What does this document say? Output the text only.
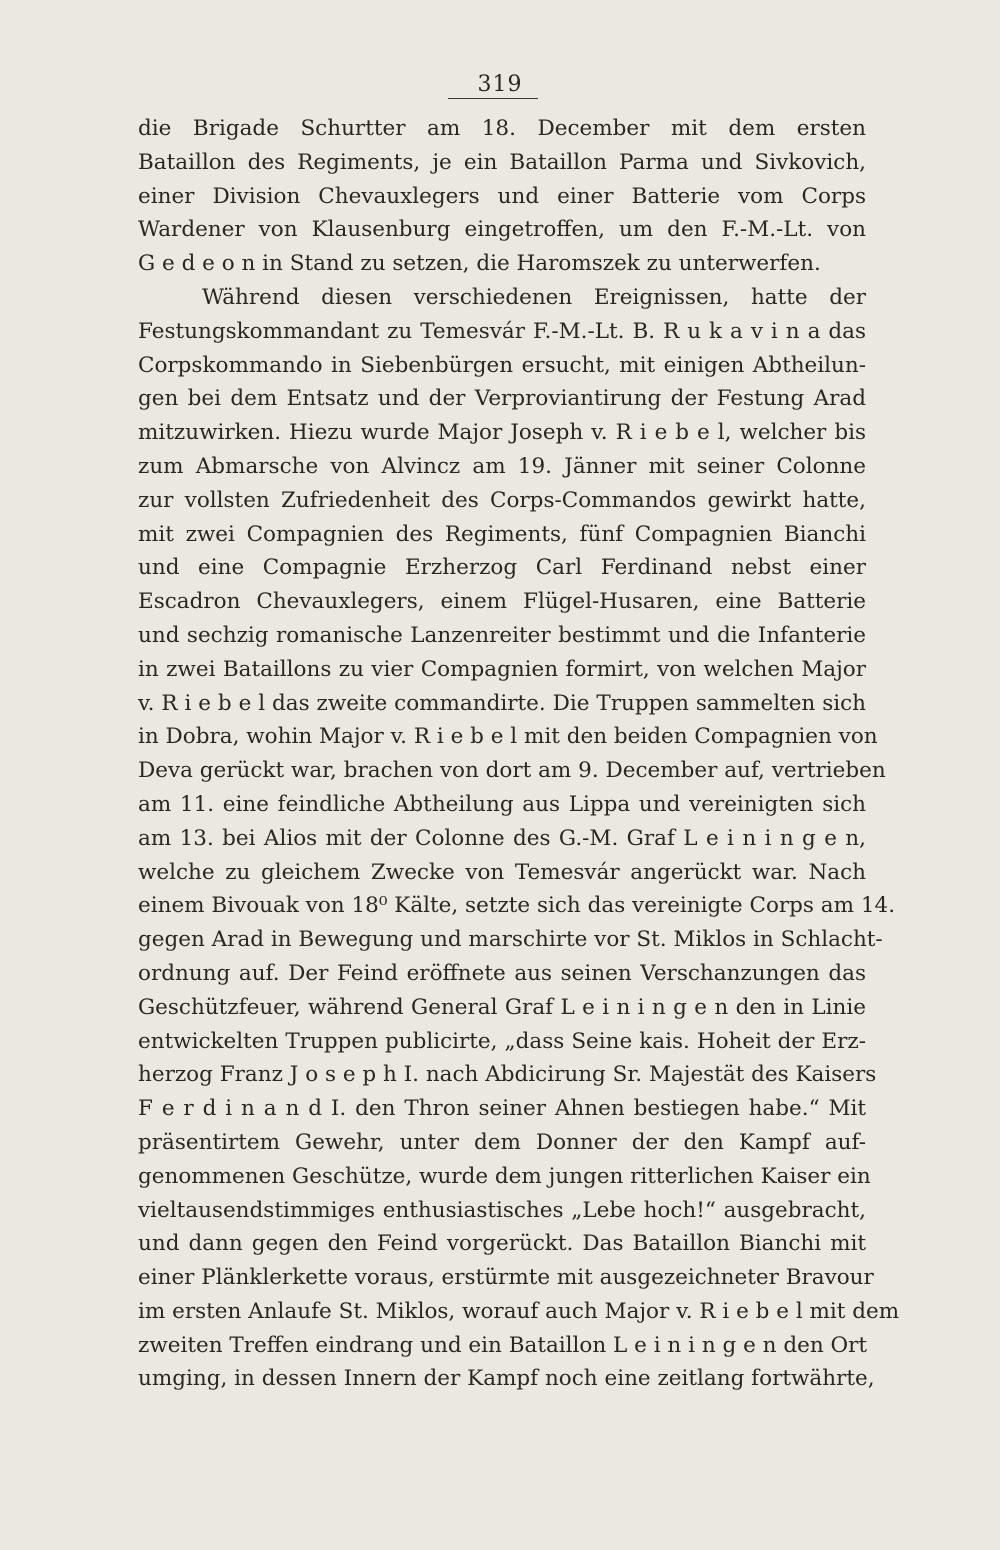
319
die Brigade Schurtter am 18. December mit dem ersten
Bataillon des Regiments, je ein Bataillon Parma und Sivkovich,
einer Division Chevauxlegers und einer Batterie vom Corps
Wardener von Klausenburg eingetroffen, um den F.-M.-Lt. von
G e d e o n in Stand zu setzen, die Haromszek zu unterwerfen.
Während diesen verschiedenen Ereignissen, hatte der
Festungskommandant zu Temesvár F.-M.-Lt. B. R u k a v i n a das
Corpskommando in Siebenbürgen ersucht, mit einigen Abtheilun-
gen bei dem Entsatz und der Verproviantirung der Festung Arad
mitzuwirken. Hiezu wurde Major Joseph v. R i e b e l, welcher bis
zum Abmarsche von Alvincz am 19. Jänner mit seiner Colonne
zur vollsten Zufriedenheit des Corps-Commandos gewirkt hatte,
mit zwei Compagnien des Regiments, fünf Compagnien Bianchi
und eine Compagnie Erzherzog Carl Ferdinand nebst einer
Escadron Chevauxlegers, einem Flügel-Husaren, eine Batterie
und sechzig romanische Lanzenreiter bestimmt und die Infanterie
in zwei Bataillons zu vier Compagnien formirt, von welchen Major
v. R i e b e l das zweite commandirte. Die Truppen sammelten sich
in Dobra, wohin Major v. R i e b e l mit den beiden Compagnien von
Deva gerückt war, brachen von dort am 9. December auf, vertrieben
am 11. eine feindliche Abtheilung aus Lippa und vereinigten sich
am 13. bei Alios mit der Colonne des G.-M. Graf L e i n i n g e n,
welche zu gleichem Zwecke von Temesvár angerückt war. Nach
einem Bivouak von 18⁰ Kälte, setzte sich das vereinigte Corps am 14.
gegen Arad in Bewegung und marschirte vor St. Miklos in Schlacht-
ordnung auf. Der Feind eröffnete aus seinen Verschanzungen das
Geschützfeuer, während General Graf L e i n i n g e n den in Linie
entwickelten Truppen publicirte, „dass Seine kais. Hoheit der Erz-
herzog Franz J o s e p h I. nach Abdicirung Sr. Majestät des Kaisers
F e r d i n a n d I. den Thron seiner Ahnen bestiegen habe.“ Mit
präsentirtem Gewehr, unter dem Donner der den Kampf auf-
genommenen Geschütze, wurde dem jungen ritterlichen Kaiser ein
vieltausendstimmiges enthusiastisches „Lebe hoch!“ ausgebracht,
und dann gegen den Feind vorgerückt. Das Bataillon Bianchi mit
einer Plänklerkette voraus, erstürmte mit ausgezeichneter Bravour
im ersten Anlaufe St. Miklos, worauf auch Major v. R i e b e l mit dem
zweiten Treffen eindrang und ein Bataillon L e i n i n g e n den Ort
umging, in dessen Innern der Kampf noch eine zeitlang fortwährte,
